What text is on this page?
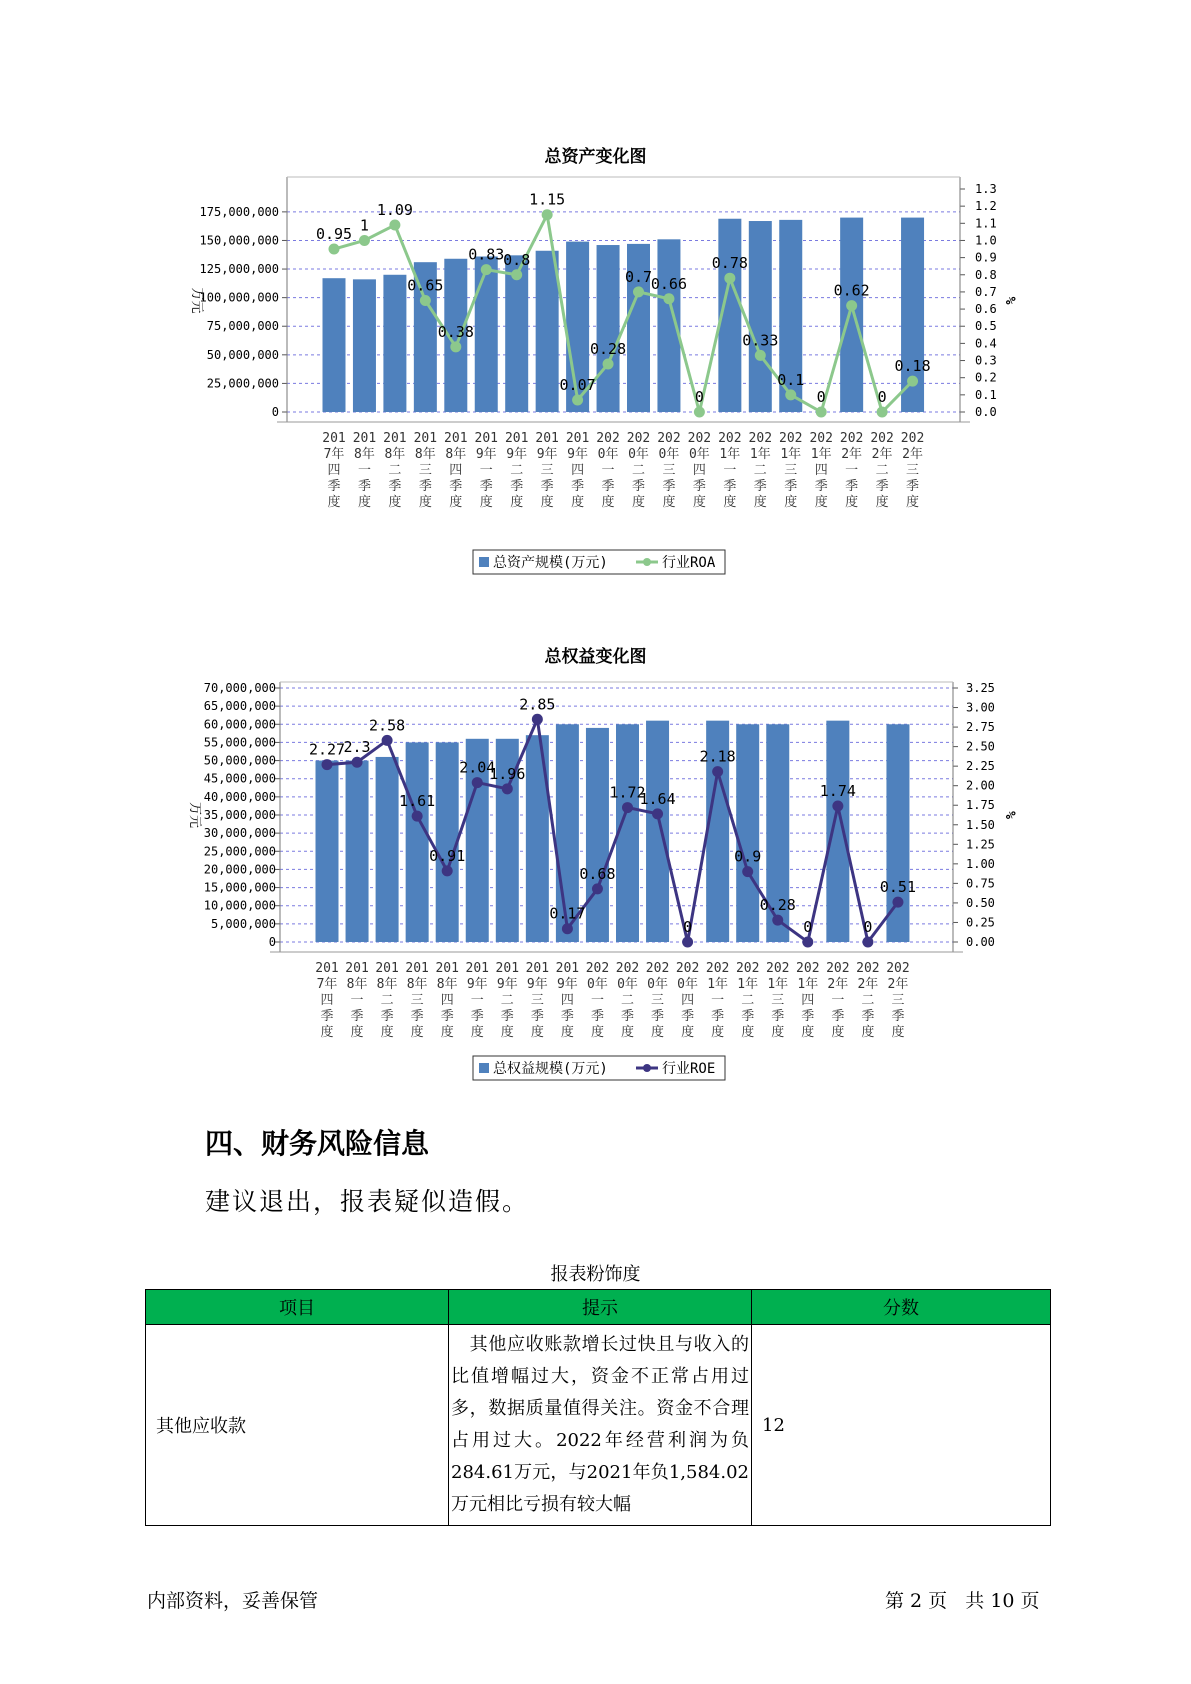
总资产变化图
0
25,000,000
50,000,000
75,000,000
100,000,000
125,000,000
150,000,000
175,000,000
0.0
0.1
0.2
0.3
0.4
0.5
0.6
0.7
0.8
0.9
1.0
1.1
1.2
1.3
万元	%
0.95 1
1.09
0.65
0.38
0.83
0.8
1.15
0.07
0.28
0.7
0.66
0
0.78
0.33
0.1
0
0.62
0
0.18
201
7年
四
季
度
201
8年
一
季
度
201
8年
二
季
度
201
8年
三
季
度
201
8年
四
季
度
201
9年
一
季
度
201
9年
二
季
度
201
9年
三
季
度
201
9年
四
季
度
202
0年
一
季
度
202
0年
二
季
度
202
0年
三
季
度
202
0年
四
季
度
202
1年
一
季
度
202
1年
二
季
度
202
1年
三
季
度
202
1年
四
季
度
202
2年
一
季
度
202
2年
二
季
度
202
2年
三
季
度
总资产规模(万元)	行业ROA
总权益变化图
0
5,000,000
10,000,000
15,000,000
20,000,000
25,000,000
30,000,000
35,000,000
40,000,000
45,000,000
50,000,000
55,000,000
60,000,000
65,000,000
70,000,000
0.00
0.25
0.50
0.75
1.00
1.25
1.50
1.75
2.00
2.25
2.50
2.75
3.00
3.25
万元	%
2.27
2.3
2.58
1.61
0.91
2.04
1.96
2.85
0.17
0.68
1.72
1.64
0
2.18
0.9
0.28
0
1.74
0
0.51
201
7年
四
季
度
201
8年
一
季
度
201
8年
二
季
度
201
8年
三
季
度
201
8年
四
季
度
201
9年
一
季
度
201
9年
二
季
度
201
9年
三
季
度
201
9年
四
季
度
202
0年
一
季
度
202
0年
二
季
度
202
0年
三
季
度
202
0年
四
季
度
202
1年
一
季
度
202
1年
二
季
度
202
1年
三
季
度
202
1年
四
季
度
202
2年
一
季
度
202
2年
二
季
度
202
2年
三
季
度
总权益规模(万元)	行业ROE
四、财务风险信息
建议退出，报表疑似造假。
报表粉饰度
项目	提示	分数
其他应收款	　其他应收账款增长过快且与收入的比值增幅过大，资金不正常占用过多，数据质量值得关注。资金不合理占用过大。2022年经营利润为负284.61万元，与2021年负1,584.02万元相比亏损有较大幅	12
内部资料，妥善保管	第 2 页   共 10 页
